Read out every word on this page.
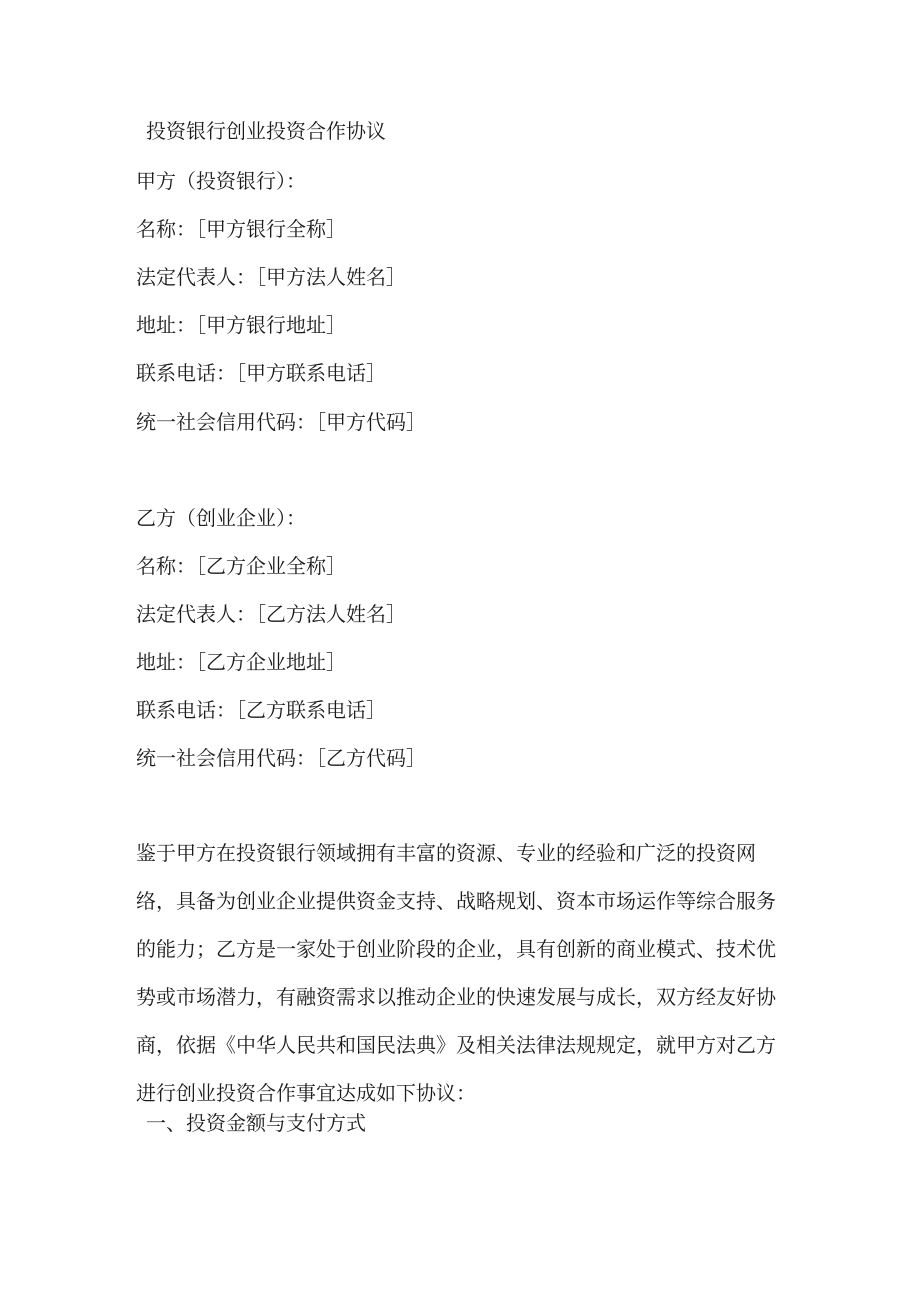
投资银行创业投资合作协议
甲方（投资银行）：
名称：［甲方银行全称］
法定代表人：［甲方法人姓名］
地址：［甲方银行地址］
联系电话：［甲方联系电话］
统一社会信用代码：［甲方代码］
乙方（创业企业）：
名称：［乙方企业全称］
法定代表人：［乙方法人姓名］
地址：［乙方企业地址］
联系电话：［乙方联系电话］
统一社会信用代码：［乙方代码］
鉴于甲方在投资银行领域拥有丰富的资源、专业的经验和广泛的投资网
络，具备为创业企业提供资金支持、战略规划、资本市场运作等综合服务
的能力；乙方是一家处于创业阶段的企业，具有创新的商业模式、技术优
势或市场潜力，有融资需求以推动企业的快速发展与成长，双方经友好协
商，依据《中华人民共和国民法典》及相关法律法规规定，就甲方对乙方
进行创业投资合作事宜达成如下协议：
一、投资金额与支付方式
